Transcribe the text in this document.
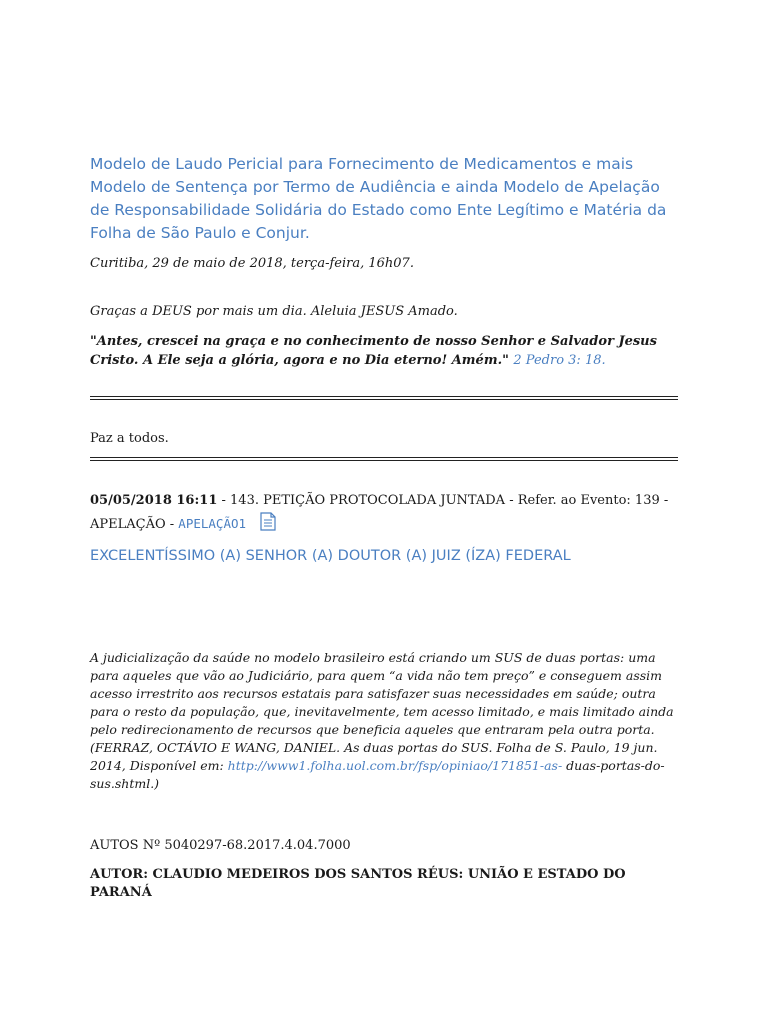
Modelo de Laudo Pericial para Fornecimento de Medicamentos e mais Modelo de Sentença por Termo de Audiência e ainda Modelo de Apelação de Responsabilidade Solidária do Estado como Ente Legítimo e Matéria da Folha de São Paulo e Conjur.
Curitiba, 29 de maio de 2018, terça-feira, 16h07.
Graças a DEUS por mais um dia. Aleluia JESUS Amado.
"Antes, crescei na graça e no conhecimento de nosso Senhor e Salvador Jesus Cristo. A Ele seja a glória, agora e no Dia eterno! Amém." 2 Pedro 3: 18.
Paz a todos.
05/05/2018 16:11 - 143. PETIÇÃO PROTOCOLADA JUNTADA - Refer. ao Evento: 139 - APELAÇÃO - APELAÇÃO1
EXCELENTÍSSIMO (A) SENHOR (A) DOUTOR (A) JUIZ (ÍZA) FEDERAL
A judicialização da saúde no modelo brasileiro está criando um SUS de duas portas: uma para aqueles que vão ao Judiciário, para quem “a vida não tem preço” e conseguem assim acesso irrestrito aos recursos estatais para satisfazer suas necessidades em saúde; outra para o resto da população, que, inevitavelmente, tem acesso limitado, e mais limitado ainda pelo redirecionamento de recursos que beneficia aqueles que entraram pela outra porta. (FERRAZ, OCTÁVIO E WANG, DANIEL. As duas portas do SUS. Folha de S. Paulo, 19 jun. 2014, Disponível em: http://www1.folha.uol.com.br/fsp/opiniao/171851-as- duas-portas-do-sus.shtml.)
AUTOS Nº 5040297-68.2017.4.04.7000
AUTOR: CLAUDIO MEDEIROS DOS SANTOS RÉUS: UNIÃO E ESTADO DO PARANÁ
